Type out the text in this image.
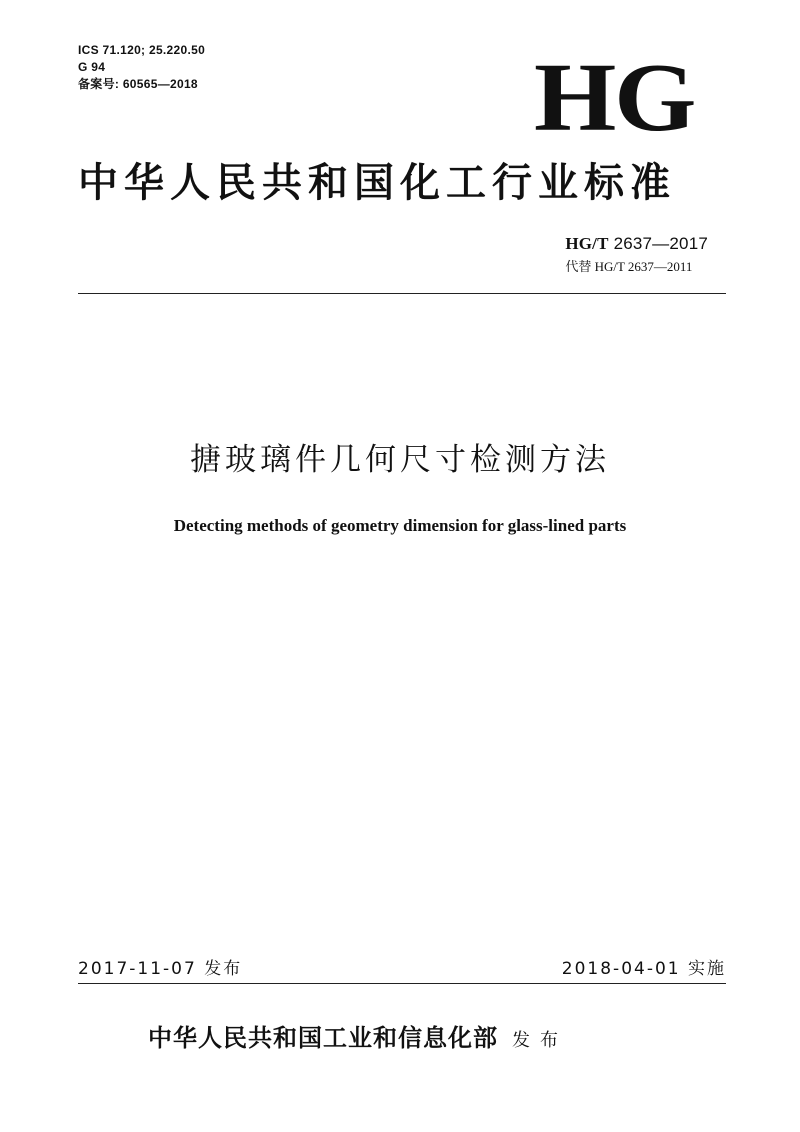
ICS 71.120; 25.220.50
G 94
备案号: 60565—2018	HG
中华人民共和国化工行业标准
HG/T 2637—2017
代替 HG/T 2637—2011
搪玻璃件几何尺寸检测方法
Detecting methods of geometry dimension for glass-lined parts
2017-11-07 发布	2018-04-01 实施
中华人民共和国工业和信息化部 发布
